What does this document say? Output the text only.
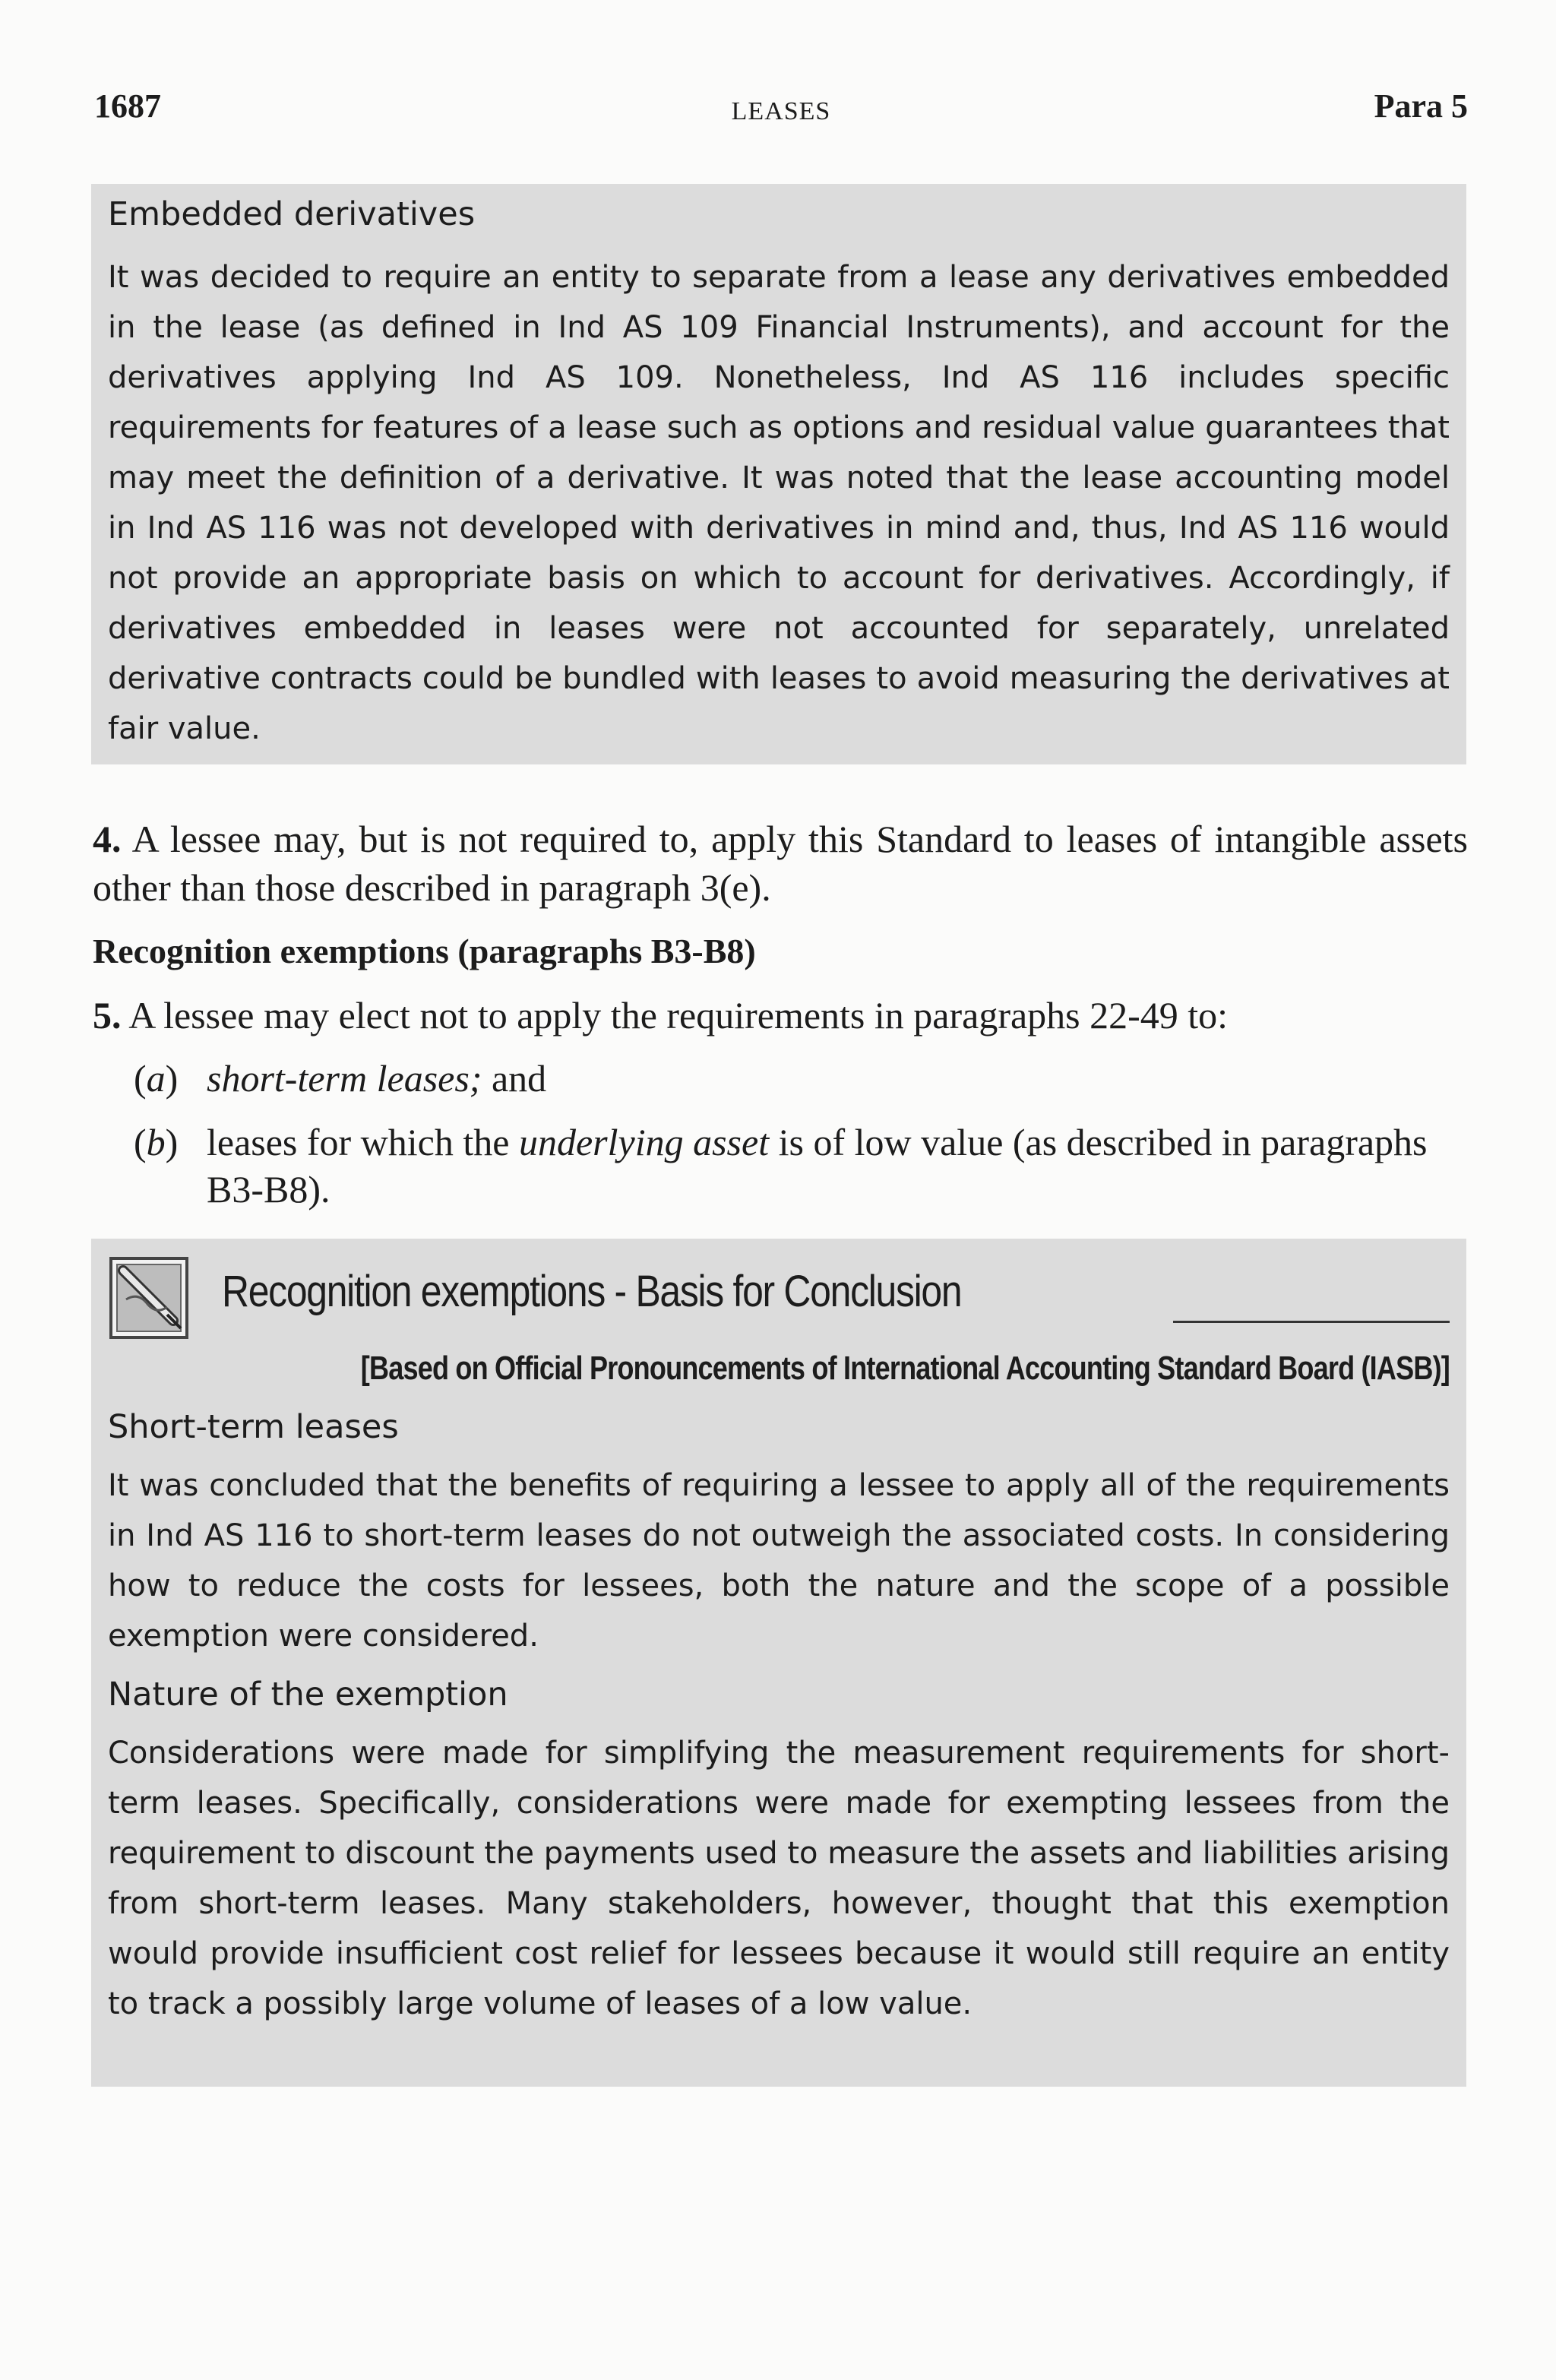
1687	LEASES	Para 5
Embedded derivatives

It was decided to require an entity to separate from a lease any derivatives embedded in the lease (as defined in Ind AS 109 Financial Instruments), and account for the derivatives applying Ind AS 109. Nonetheless, Ind AS 116 includes specific requirements for features of a lease such as options and residual value guarantees that may meet the definition of a derivative. It was noted that the lease accounting model in Ind AS 116 was not developed with derivatives in mind and, thus, Ind AS 116 would not provide an appropriate basis on which to account for derivatives. Accordingly, if derivatives embedded in leases were not accounted for separately, unrelated derivative contracts could be bundled with leases to avoid measuring the derivatives at fair value.

4. A lessee may, but is not required to, apply this Standard to leases of intangible assets other than those described in paragraph 3(e).

Recognition exemptions (paragraphs B3-B8)

5. A lessee may elect not to apply the requirements in paragraphs 22-49 to:

(a) short-term leases; and
(b) leases for which the underlying asset is of low value (as described in paragraphs B3-B8).
Recognition exemptions - Basis for Conclusion

[Based on Official Pronouncements of International Accounting Standard Board (IASB)]

Short-term leases

It was concluded that the benefits of requiring a lessee to apply all of the requirements in Ind AS 116 to short-term leases do not outweigh the associated costs. In considering how to reduce the costs for lessees, both the nature and the scope of a possible exemption were considered.

Nature of the exemption

Considerations were made for simplifying the measurement requirements for short-term leases. Specifically, considerations were made for exempting lessees from the requirement to discount the payments used to measure the assets and liabilities arising from short-term leases. Many stakeholders, however, thought that this exemption would provide insufficient cost relief for lessees because it would still require an entity to track a possibly large volume of leases of a low value.
